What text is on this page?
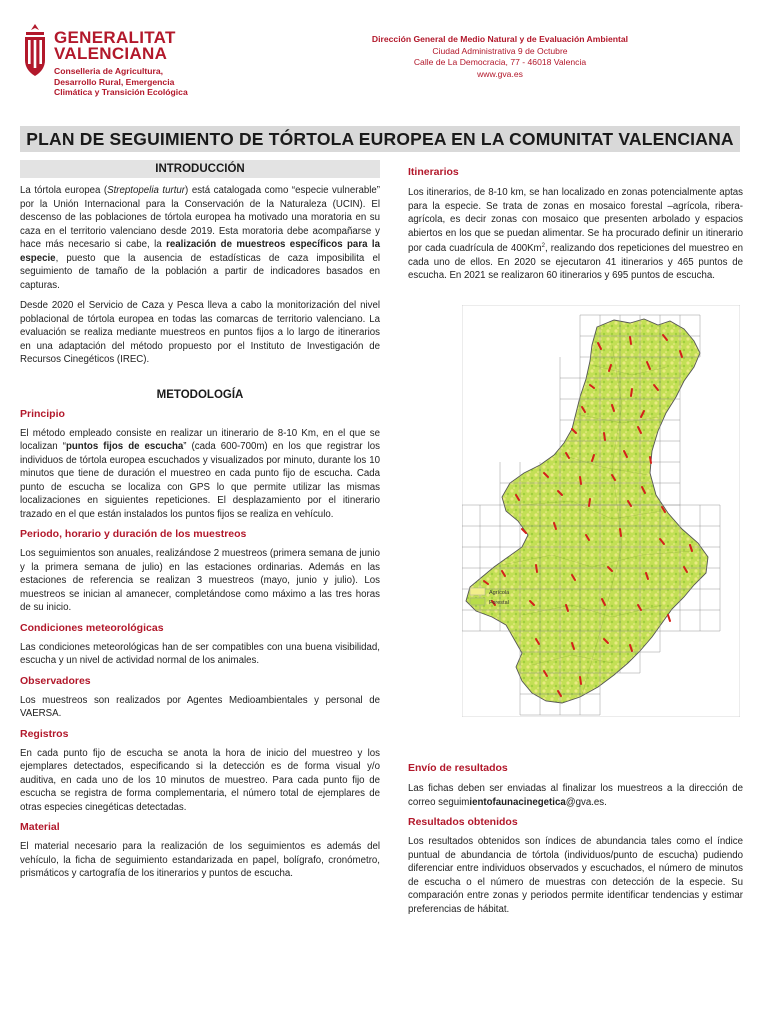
GENERALITAT
VALENCIANA
Conselleria de Agricultura,
Desarrollo Rural, Emergencia
Climática y Transición Ecológica
Dirección General de Medio Natural y de Evaluación Ambiental
Ciudad Administrativa 9 de Octubre
Calle de La Democracia, 77 - 46018 Valencia
www.gva.es
PLAN DE SEGUIMIENTO DE TÓRTOLA EUROPEA EN LA COMUNITAT VALENCIANA
INTRODUCCIÓN

La tórtola europea (Streptopelia turtur) está catalogada como “especie vulnerable” por la Unión Internacional para la Conservación de la Naturaleza (UCIN). El descenso de las poblaciones de tórtola europea ha motivado una moratoria en su caza en el territorio valenciano desde 2019. Esta moratoria debe acompañarse y hace más necesario si cabe, la realización de muestreos específicos para la especie, puesto que la ausencia de estadísticas de caza imposibilita el seguimiento de tamaño de la población a partir de indicadores basados en capturas.

Desde 2020 el Servicio de Caza y Pesca lleva a cabo la monitorización del nivel poblacional de tórtola europea en todas las comarcas de territorio valenciano. La evaluación se realiza mediante muestreos en puntos fijos a lo largo de itinerarios en una adaptación del método propuesto por el Instituto de Investigación de Recursos Cinegéticos (IREC).

METODOLOGÍA
Principio

El método empleado consiste en realizar un itinerario de 8-10 Km, en el que se localizan “puntos fijos de escucha” (cada 600-700m) en los que registrar los individuos de tórtola europea escuchados y visualizados por minuto, durante los 10 minutos que tiene de duración el muestreo en cada punto fijo de escucha. Cada punto de escucha se localiza con GPS lo que permite utilizar las mismas localizaciones en siguientes repeticiones. El desplazamiento por el itinerario trazado en el que están instalados los puntos fijos se realiza en vehículo.

Periodo, horario y duración de los muestreos

Los seguimientos son anuales, realizándose 2 muestreos (primera semana de junio y la primera semana de julio) en las estaciones ordinarias. Además en las estaciones de referencia se realizan 3 muestreos (mayo, junio y julio). Los muestreos se inician al amanecer, completándose como máximo a las tres horas de su inicio.

Condiciones meteorológicas

Las condiciones meteorológicas han de ser compatibles con una buena visibilidad, escucha y un nivel de actividad normal de los animales.

Observadores

Los muestreos son realizados por Agentes Medioambientales y personal de VAERSA.

Registros

En cada punto fijo de escucha se anota la hora de inicio del muestreo y los ejemplares detectados, especificando si la detección es de forma visual y/o auditiva, en cada uno de los 10 minutos de muestreo. Para cada punto fijo de escucha se registra de forma complementaria, el número total de ejemplares de otras especies cinegéticas detectadas.

Material

El material necesario para la realización de los seguimientos es además del vehículo, la ficha de seguimiento estandarizada en papel, bolígrafo, cronómetro, prismáticos y cartografía de los itinerarios y puntos de escucha.

Itinerarios

Los itinerarios, de 8-10 km, se han localizado en zonas potencialmente aptas para la especie. Se trata de zonas en mosaico forestal –agrícola, ribera-agrícola, es decir zonas con mosaico que presenten arbolado y espacios abiertos en los que se puedan alimentar. Se ha procurado definir un itinerario por cada cuadrícula de 400Km$^2$, realizando dos repeticiones del muestreo en cada uno de ellos. En 2020 se ejecutaron 41 itinerarios y 465 puntos de escucha. En 2021 se realizaron 60 itinerarios y 695 puntos de escucha.

Agrícola
Forestal
Envío de resultados

Las fichas deben ser enviadas al finalizar los muestreos a la dirección de correo seguimientofaunacinegetica@gva.es.

Resultados obtenidos

Los resultados obtenidos son índices de abundancia tales como el índice puntual de abundancia de tórtola (individuos/punto de escucha) pudiendo diferenciar entre individuos observados y escuchados, el número de minutos de escucha o el número de muestras con detección de la especie. Su comparación entre zonas y periodos permite identificar tendencias y estimar preferencias de hábitat.
